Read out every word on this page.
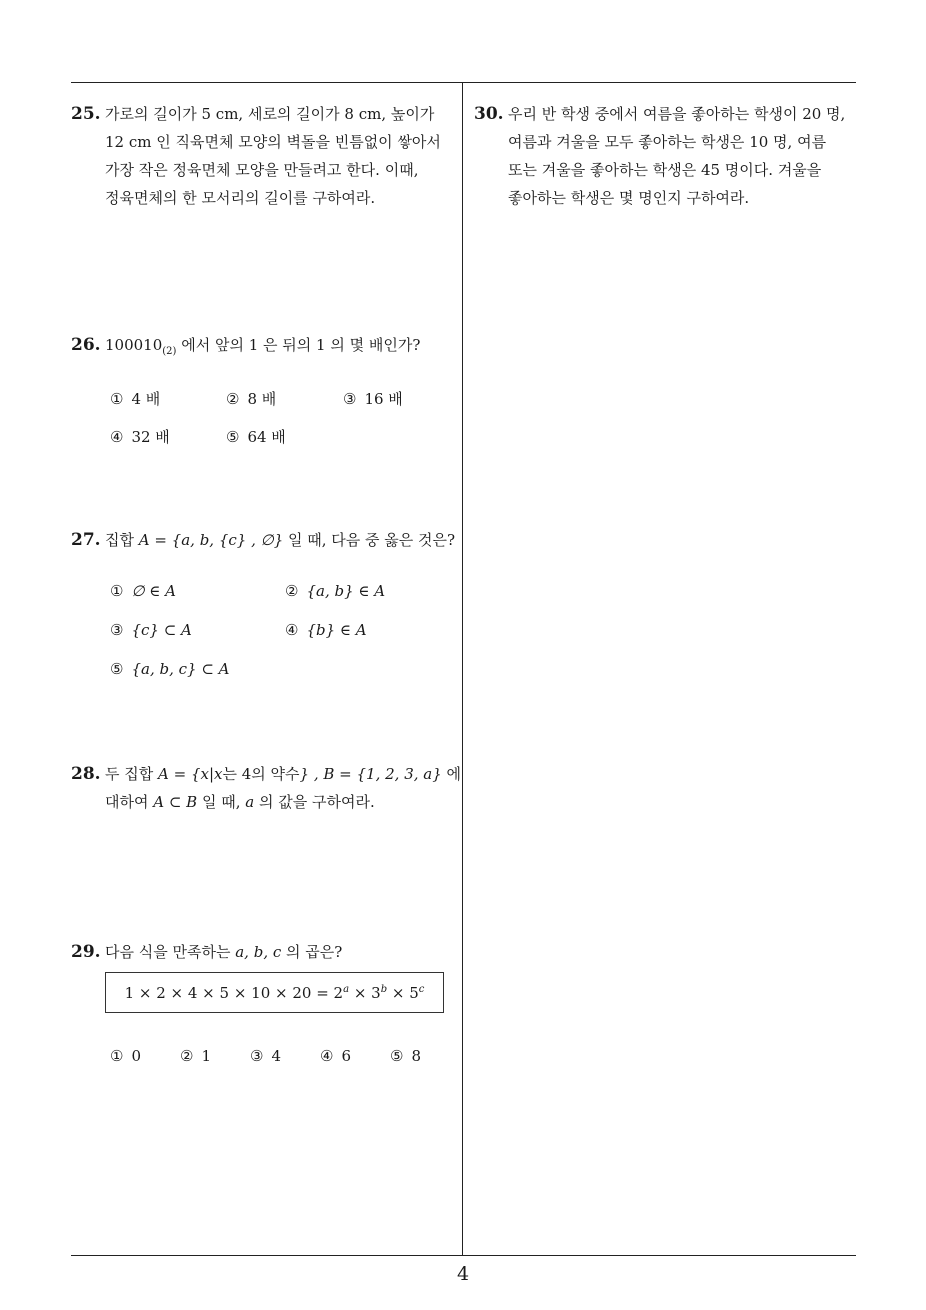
25. 가로의 길이가 5 cm, 세로의 길이가 8 cm, 높이가
12 cm 인 직육면체 모양의 벽돌을 빈틈없이 쌓아서
가장 작은 정육면체 모양을 만들려고 한다. 이때,
정육면체의 한 모서리의 길이를 구하여라.
26. $100010_{(2)}$ 에서 앞의 1 은 뒤의 1 의 몇 배인가?
① 4 배	② 8 배	③ 16 배
④ 32 배	⑤ 64 배
27. 집합 A = {a, b, {c} , ∅} 일 때, 다음 중 옳은 것은?
① ∅ ∈ A	② {a, b} ∈ A
③ {c} ⊂ A	④ {b} ∈ A
⑤ {a, b, c} ⊂ A
28. 두 집합 A = {x|x는 4의 약수} , B = {1, 2, 3, a} 에
대하여 A ⊂ B 일 때, a 의 값을 구하여라.
29. 다음 식을 만족하는 a, b, c 의 곱은?
$1 \times 2 \times 4 \times 5 \times 10 \times 20 = 2^a \times 3^b \times 5^c$
① 0	② 1	③ 4	④ 6	⑤ 8
30. 우리 반 학생 중에서 여름을 좋아하는 학생이 20 명,
여름과 겨울을 모두 좋아하는 학생은 10 명, 여름
또는 겨울을 좋아하는 학생은 45 명이다. 겨울을
좋아하는 학생은 몇 명인지 구하여라.
4
